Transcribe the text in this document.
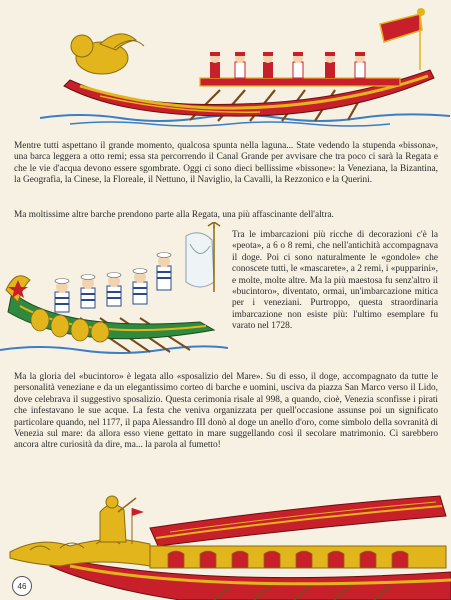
Mentre tutti aspettano il grande momento, qualcosa spunta nella laguna... State vedendo la stupenda «bissona», una barca leggera a otto remi; essa sta percorrendo il Canal Grande per avvisare che tra poco ci sarà la Regata e che le vie d'acqua devono essere sgombrate. Oggi ci sono dieci bellissime «bissone»: la Veneziana, la Bizantina, la Geografia, la Cinese, la Floreale, il Nettuno, il Naviglio, la Cavalli, la Rezzonico e la Querini.
Ma moltissime altre barche prendono parte alla Regata, una più affascinante dell'altra.
Tra le imbarcazioni più ricche di decorazioni c'è la «peota», a 6 o 8 remi, che nell'antichità accompagnava il doge. Poi ci sono naturalmente le «gondole» che conoscete tutti, le «mascarete», a 2 remi, i «pupparini», e molte, molte altre. Ma la più maestosa fu senz'altro il «bucintoro», diventato, ormai, un'imbarcazione mitica per i veneziani. Purtroppo, questa straordinaria imbarcazione non esiste più: l'ultimo esemplare fu varato nel 1728.
Ma la gloria del «bucintoro» è legata allo «sposalizio del Mare». Su di esso, il doge, accompagnato da tutte le personalità veneziane e da un elegantissimo corteo di barche e uomini, usciva da piazza San Marco verso il Lido, dove celebrava il suggestivo sposalizio. Questa cerimonia risale al 998, a quando, cioè, Venezia sconfisse i pirati che infestavano le sue acque. La festa che veniva organizzata per quell'occasione assunse poi un significato particolare quando, nel 1177, il papa Alessandro III donò al doge un anello d'oro, come simbolo della sovranità di Venezia sul mare: da allora esso viene gettato in mare suggellando così il secolare matrimonio. Ci sarebbero ancora altre curiosità da dire, ma... la parola al fumetto!
46
